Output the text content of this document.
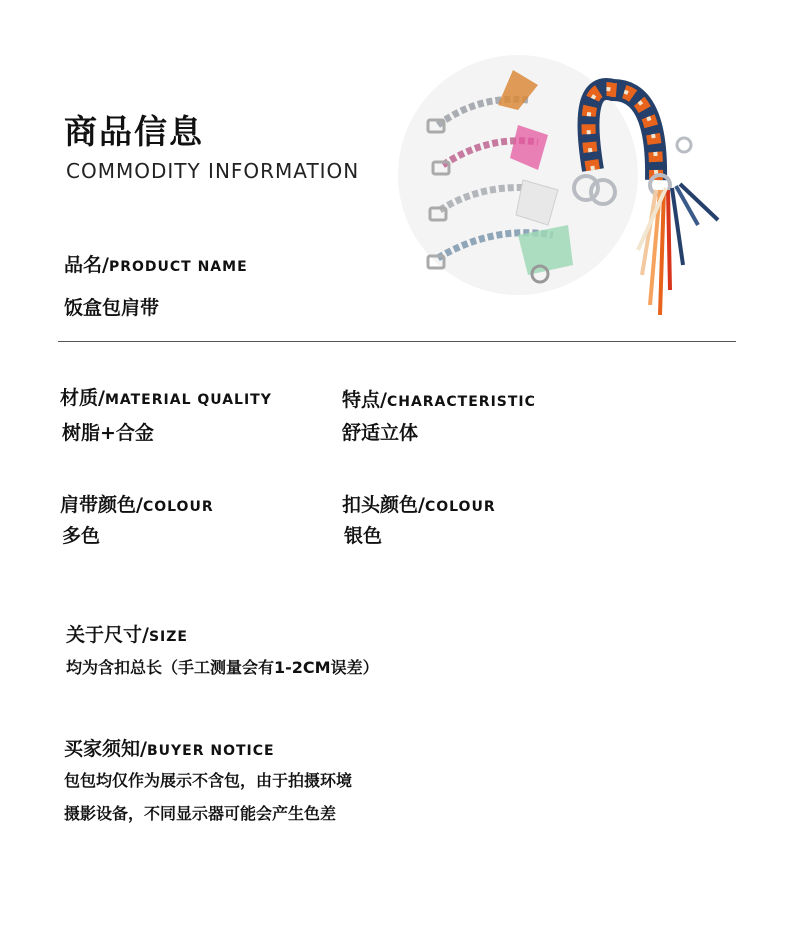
商品信息
COMMODITY INFORMATION
品名/PRODUCT NAME
饭盒包肩带
材质/MATERIAL QUALITY
树脂+合金
特点/CHARACTERISTIC
舒适立体
肩带颜色/COLOUR
多色
扣头颜色/COLOUR
银色
关于尺寸/SIZE
均为含扣总长（手工测量会有1-2CM误差）
买家须知/BUYER NOTICE
包包均仅作为展示不含包，由于拍摄环境
摄影设备，不同显示器可能会产生色差
